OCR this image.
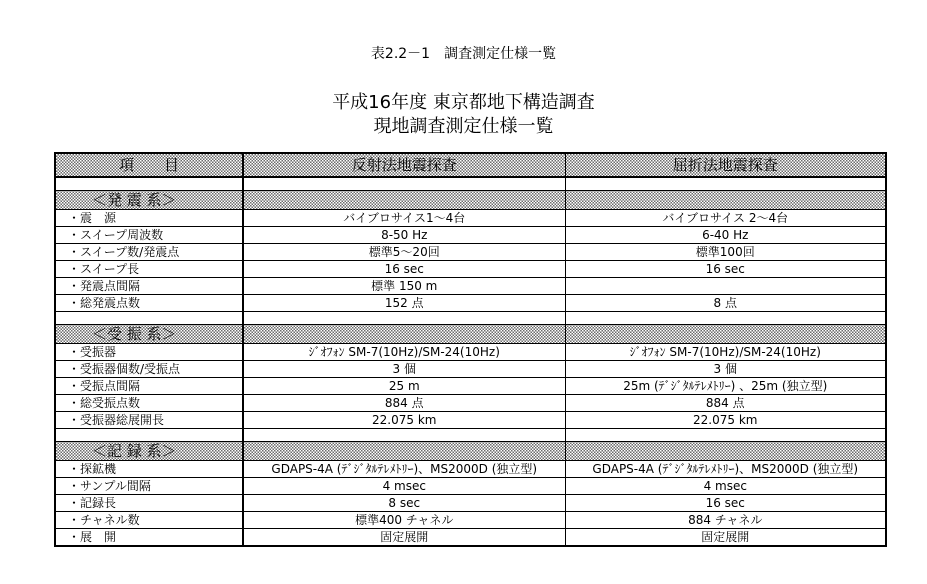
表2.2－1　調査測定仕様一覧
平成16年度 東京都地下構造調査
現地調査測定仕様一覧
項　　目	反射法地震探査	屈折法地震探査

＜発 震 系＞		
・震　源	バイブロサイス1～4台	バイブロサイス 2～4台
・スイープ周波数	8-50 Hz	6-40 Hz
・スイープ数/発震点	標準5～20回	標準100回
・スイープ長	16 sec	16 sec
・発震点間隔	標準 150 m	
・総発震点数	152 点	8 点

＜受 振 系＞		
・受振器	ｼﾞｵﾌｫﾝ SM-7(10Hz)/SM-24(10Hz)	ｼﾞｵﾌｫﾝ SM-7(10Hz)/SM-24(10Hz)
・受振器個数/受振点	3 個	3 個
・受振点間隔	25 m	25m (ﾃﾞｼﾞﾀﾙﾃﾚﾒﾄﾘｰ) 、25m (独立型)
・総受振点数	884 点	884 点
・受振器総展開長	22.075 km	22.075 km

＜記 録 系＞		
・探鉱機	GDAPS-4A (ﾃﾞｼﾞﾀﾙﾃﾚﾒﾄﾘｰ)、MS2000D (独立型)	GDAPS-4A (ﾃﾞｼﾞﾀﾙﾃﾚﾒﾄﾘｰ)、MS2000D (独立型)
・サンプル間隔	4 msec	4 msec
・記録長	8 sec	16 sec
・チャネル数	標準400 チャネル	884 チャネル
・展　開	固定展開	固定展開
